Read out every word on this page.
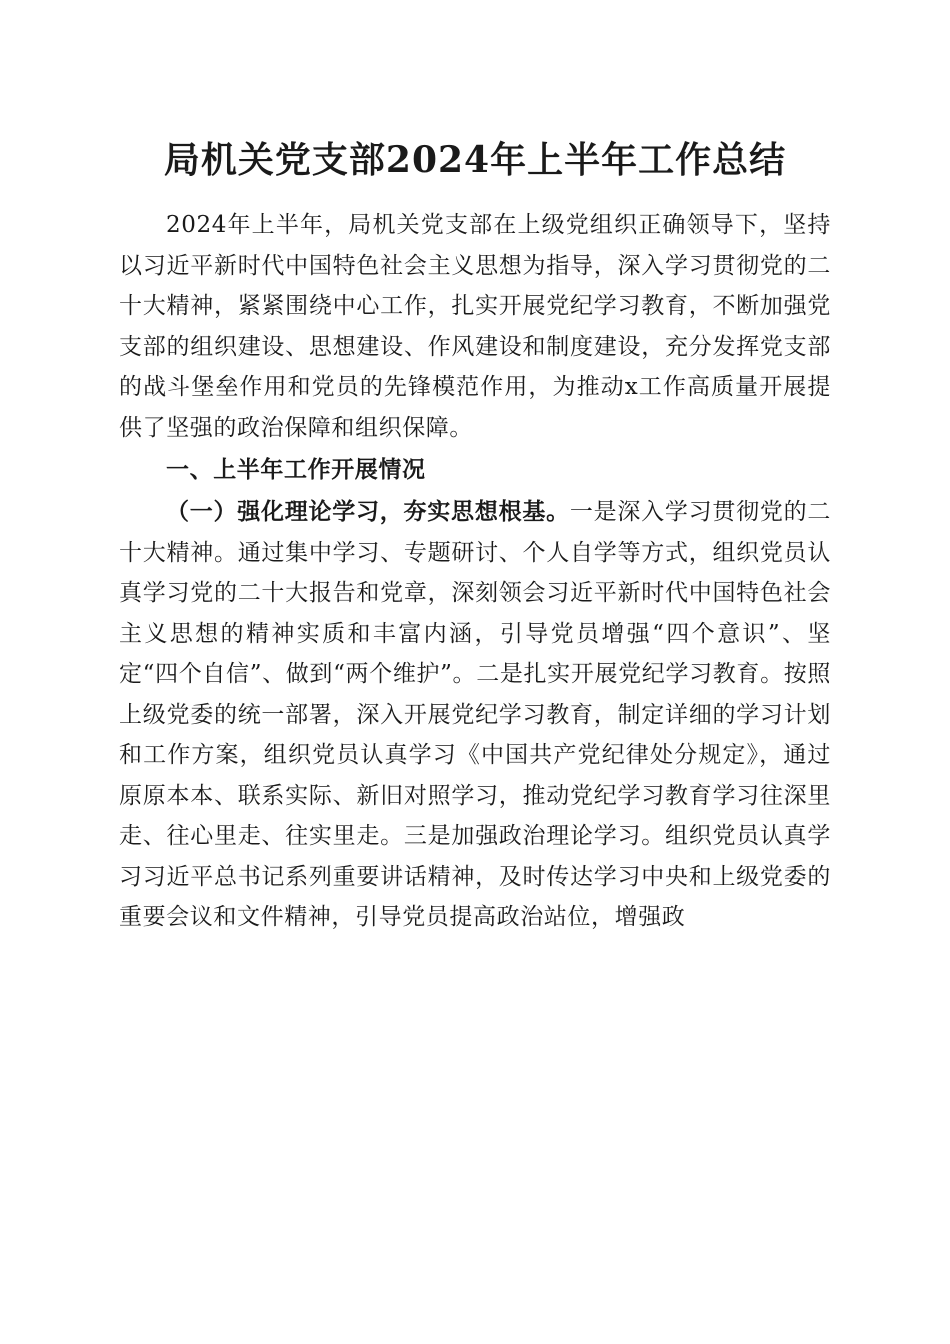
局机关党支部2024年上半年工作总结

2024年上半年，局机关党支部在上级党组织正确领导下，坚持以习近平新时代中国特色社会主义思想为指导，深入学习贯彻党的二十大精神，紧紧围绕中心工作，扎实开展党纪学习教育，不断加强党支部的组织建设、思想建设、作风建设和制度建设，充分发挥党支部的战斗堡垒作用和党员的先锋模范作用，为推动x工作高质量开展提供了坚强的政治保障和组织保障。

一、上半年工作开展情况

（一）强化理论学习，夯实思想根基。一是深入学习贯彻党的二十大精神。通过集中学习、专题研讨、个人自学等方式，组织党员认真学习党的二十大报告和党章，深刻领会习近平新时代中国特色社会主义思想的精神实质和丰富内涵，引导党员增强“四个意识”、坚定“四个自信”、做到“两个维护”。二是扎实开展党纪学习教育。按照上级党委的统一部署，深入开展党纪学习教育，制定详细的学习计划和工作方案，组织党员认真学习《中国共产党纪律处分规定》，通过原原本本、联系实际、新旧对照学习，推动党纪学习教育学习往深里走、往心里走、往实里走。三是加强政治理论学习。组织党员认真学习习近平总书记系列重要讲话精神，及时传达学习中央和上级党委的重要会议和文件精神，引导党员提高政治站位，增强政
